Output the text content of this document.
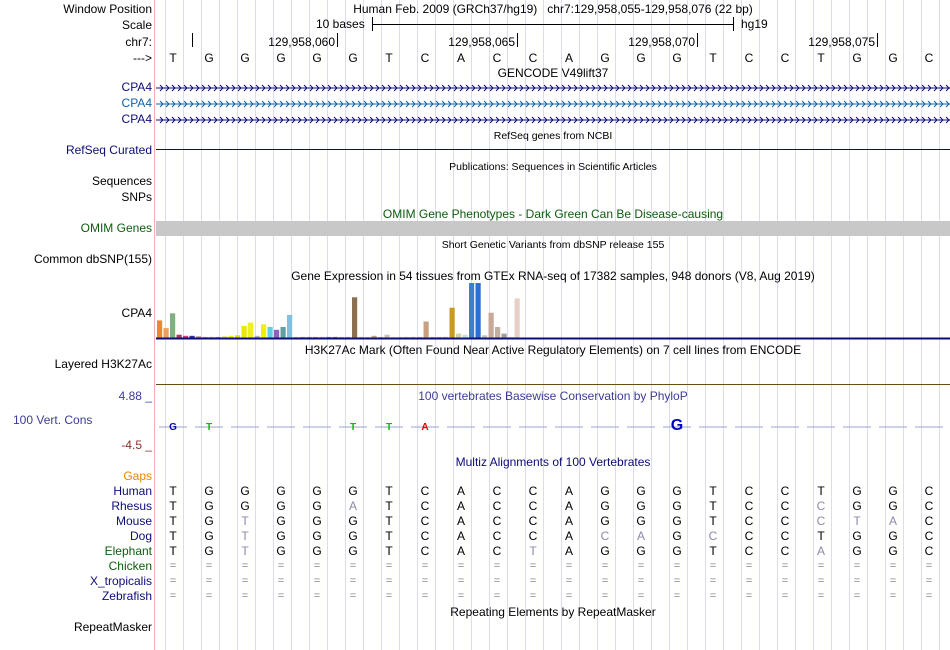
Window Position	Human Feb. 2009 (GRCh37/hg19)   chr7:129,958,055-129,958,076 (22 bp)
Scale	10 bases	hg19
chr7:	129,958,060	129,958,065	129,958,070	129,958,075
--->	T	G	G	G	G	G	T	C	A	C	C	A	G	G	G	T	C	C	T	G	G	C
GENCODE V49lift37
CPA4
CPA4
CPA4
RefSeq genes from NCBI
RefSeq Curated
Publications: Sequences in Scientific Articles
Sequences
SNPs
OMIM Gene Phenotypes - Dark Green Can Be Disease-causing
OMIM Genes
Short Genetic Variants from dbSNP release 155
Common dbSNP(155)
Gene Expression in 54 tissues from GTEx RNA-seq of 17382 samples, 948 donors (V8, Aug 2019)
CPA4
H3K27Ac Mark (Often Found Near Active Regulatory Elements) on 7 cell lines from ENCODE
Layered H3K27Ac
100 vertebrates Basewise Conservation by PhyloP
4.88 _
100 Vert. Cons
-4.5 _
G	T	T	T	A	G
Multiz Alignments of 100 Vertebrates
Gaps
Human	T	G	G	G	G	G	T	C	A	C	C	A	G	G	G	T	C	C	T	G	G	C
Rhesus	T	G	G	G	G	A	T	C	A	C	C	A	G	G	G	T	C	C	C	G	G	C
Mouse	T	G	T	G	G	G	T	C	A	C	C	A	G	G	G	T	C	C	C	T	A	C
Dog	T	G	T	G	G	G	T	C	A	C	C	A	C	A	G	C	C	C	T	G	G	C
Elephant	T	G	T	G	G	G	T	C	A	C	T	A	G	G	G	T	C	C	A	G	G	C
Chicken	=	=	=	=	=	=	=	=	=	=	=	=	=	=	=	=	=	=	=	=	=	=
X_tropicalis	=	=	=	=	=	=	=	=	=	=	=	=	=	=	=	=	=	=	=	=	=	=
Zebrafish	=	=	=	=	=	=	=	=	=	=	=	=	=	=	=	=	=	=	=	=	=	=
Repeating Elements by RepeatMasker
RepeatMasker
